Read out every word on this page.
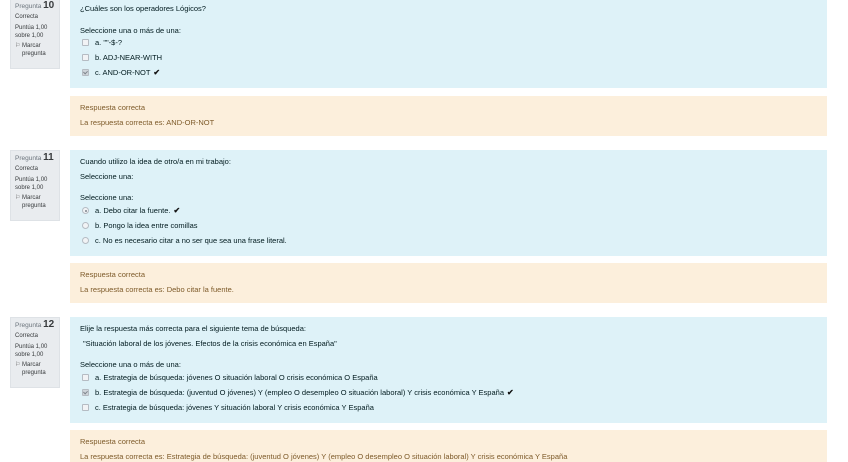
Pregunta 10
Correcta
Puntúa 1,00 sobre 1,00
⚐ Marcar pregunta
¿Cuáles son los operadores Lógicos?
Seleccione una o más de una:
a. ""-$-?
b. ADJ-NEAR-WITH
c. AND-OR-NOT ✔
Respuesta correcta
La respuesta correcta es: AND-OR-NOT
Pregunta 11
Correcta
Puntúa 1,00 sobre 1,00
⚐ Marcar pregunta
Cuando utilizo la idea de otro/a en mi trabajo:
Seleccione una:
Seleccione una:
a. Debo citar la fuente. ✔
b. Pongo la idea entre comillas
c. No es necesario citar a no ser que sea una frase literal.
Respuesta correcta
La respuesta correcta es: Debo citar la fuente.
Pregunta 12
Correcta
Puntúa 1,00 sobre 1,00
⚐ Marcar pregunta
Elije la respuesta más correcta para el siguiente tema de búsqueda:
"Situación laboral de los jóvenes. Efectos de la crisis económica en España"
Seleccione una o más de una:
a. Estrategia de búsqueda: jóvenes O situación laboral O crisis económica O España
b. Estrategia de búsqueda: (juventud O jóvenes) Y (empleo O desempleo O situación laboral) Y crisis económica Y España ✔
c. Estrategia de búsqueda: jóvenes Y situación laboral Y crisis económica Y España
Respuesta correcta
La respuesta correcta es: Estrategia de búsqueda: (juventud O jóvenes) Y (empleo O desempleo O situación laboral) Y crisis económica Y España
